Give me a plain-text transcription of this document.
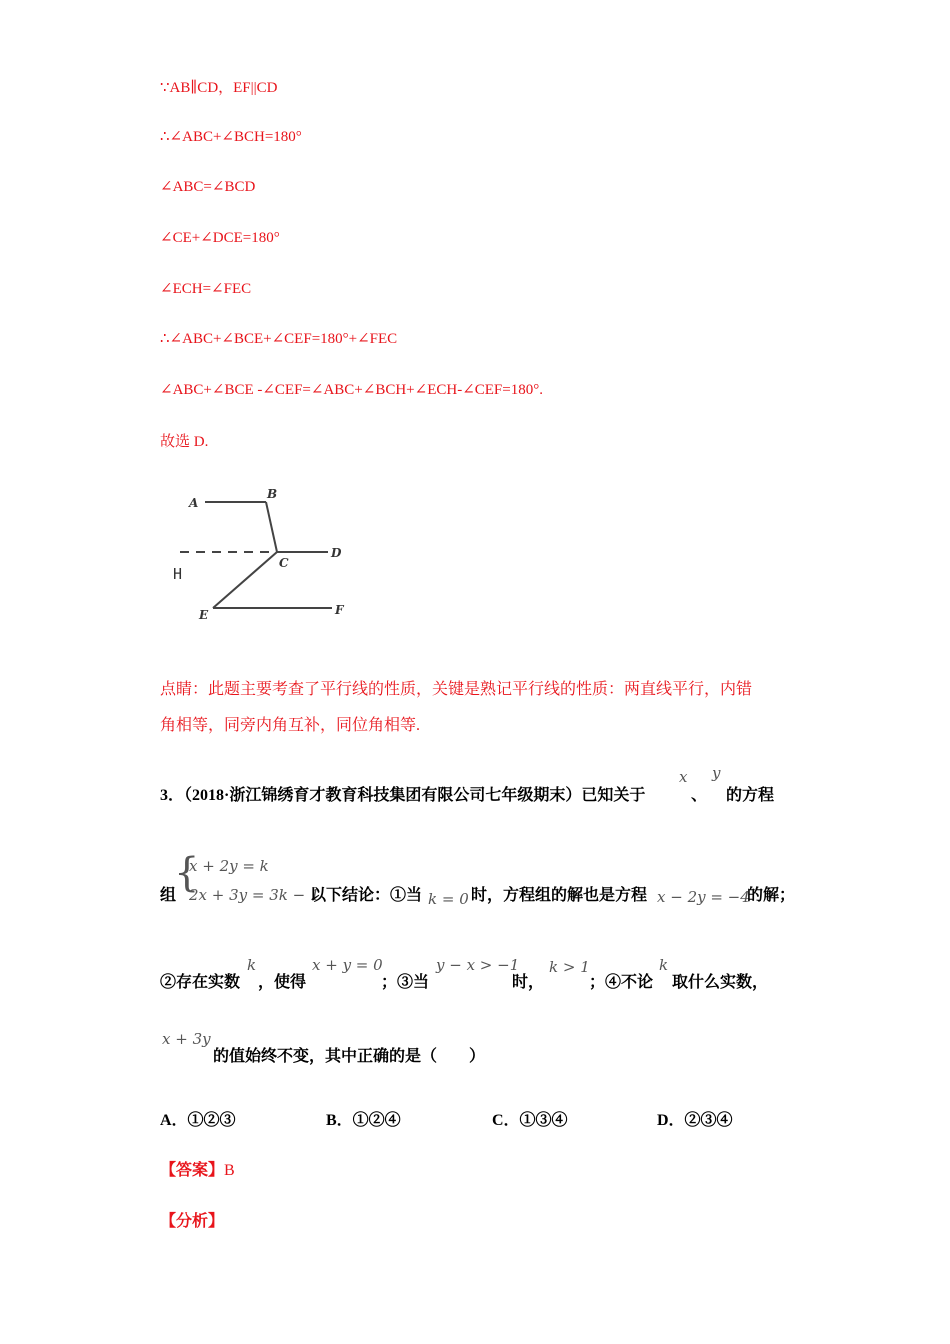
∵AB∥CD，EF||CD
∴∠ABC+∠BCH=180°
∠ABC=∠BCD
∠CE+∠DCE=180°
∠ECH=∠FEC
∴∠ABC+∠BCE+∠CEF=180°+∠FEC
∠ABC+∠BCE -∠CEF=∠ABC+∠BCH+∠ECH-∠CEF=180°.
故选 D.
A
B
C
D
E	F
H
点睛：此题主要考查了平行线的性质，关键是熟记平行线的性质：两直线平行，内错
角相等，同旁内角互补，同位角相等.
3．（2018·浙江锦绣育才教育科技集团有限公司七年级期末）已知关于
x
、
y
的方程
组
{
x + 2y = k
2x + 3y = 3k − 1
以下结论：①当 k = 0 时，方程组的解也是方程 x − 2y = −4
的解；
②存在实数
k
，使得
x + y = 0
；③当
y − x > −1
时，
k > 1
；④不论
k
取什么实数，
x + 3y
的值始终不变，其中正确的是（　　）
A．①②③	B．①②④	C．①③④	D．②③④
【答案】B
【分析】
